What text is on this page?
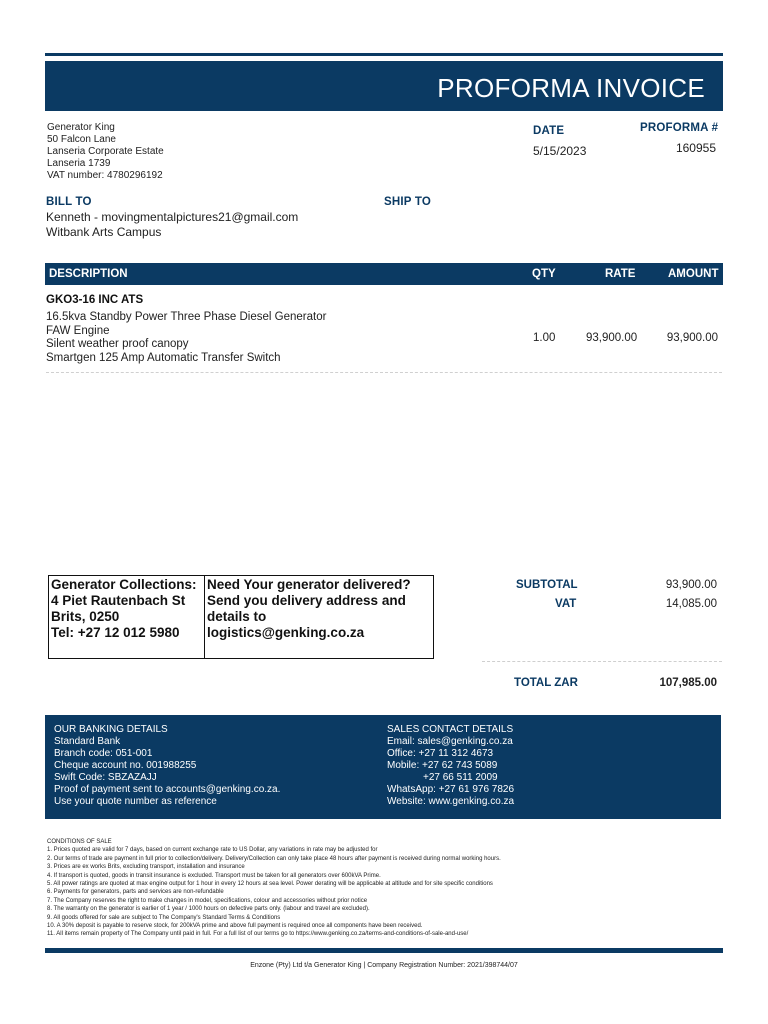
PROFORMA INVOICE
Generator King
50 Falcon Lane
Lanseria Corporate Estate
Lanseria 1739
VAT number: 4780296192
DATE
5/15/2023
PROFORMA #
160955
BILL TO
Kenneth - movingmentalpictures21@gmail.com
Witbank Arts Campus
SHIP TO
DESCRIPTION	QTY	RATE	AMOUNT
GKO3-16 INC ATS
16.5kva Standby Power Three Phase Diesel Generator
FAW Engine
Silent weather proof canopy
Smartgen 125 Amp Automatic Transfer Switch
1.00	93,900.00	93,900.00
Generator Collections:
4 Piet Rautenbach St
Brits, 0250
Tel: +27 12 012 5980
Need Your generator delivered?
Send you delivery address and
details to
logistics@genking.co.za
SUBTOTAL	93,900.00
VAT	14,085.00
TOTAL ZAR	107,985.00
OUR BANKING DETAILS
Standard Bank
Branch code: 051-001
Cheque account no. 001988255
Swift Code: SBZAZAJJ
Proof of payment sent to accounts@genking.co.za.
Use your quote number as reference
SALES CONTACT DETAILS
Email: sales@genking.co.za
Office: +27 11 312 4673
Mobile: +27 62 743 5089
+27 66 511 2009
WhatsApp: +27 61 976 7826
Website: www.genking.co.za
CONDITIONS OF SALE
1. Prices quoted are valid for 7 days, based on current exchange rate to US Dollar, any variations in rate may be adjusted for
2. Our terms of trade are payment in full prior to collection/delivery. Delivery/Collection can only take place 48 hours after payment is received during normal working hours.
3. Prices are ex works Brits, excluding transport, installation and insurance
4. If transport is quoted, goods in transit insurance is excluded. Transport must be taken for all generators over 600kVA Prime.
5. All power ratings are quoted at max engine output for 1 hour in every 12 hours at sea level. Power derating will be applicable at altitude and for site specific conditions
6. Payments for generators, parts and services are non-refundable
7. The Company reserves the right to make changes in model, specifications, colour and accessories without prior notice
8. The warranty on the generator is earlier of 1 year / 1000 hours on defective parts only. (labour and travel are excluded).
9. All goods offered for sale are subject to The Company's Standard Terms & Conditions
10. A 30% deposit is payable to reserve stock, for 200kVA prime and above full payment is required once all components have been received.
11. All items remain property of The Company until paid in full. For a full list of our terms go to https://www.genking.co.za/terms-and-conditions-of-sale-and-use/
Enzone (Pty) Ltd t/a Generator King | Company Registration Number: 2021/398744/07
